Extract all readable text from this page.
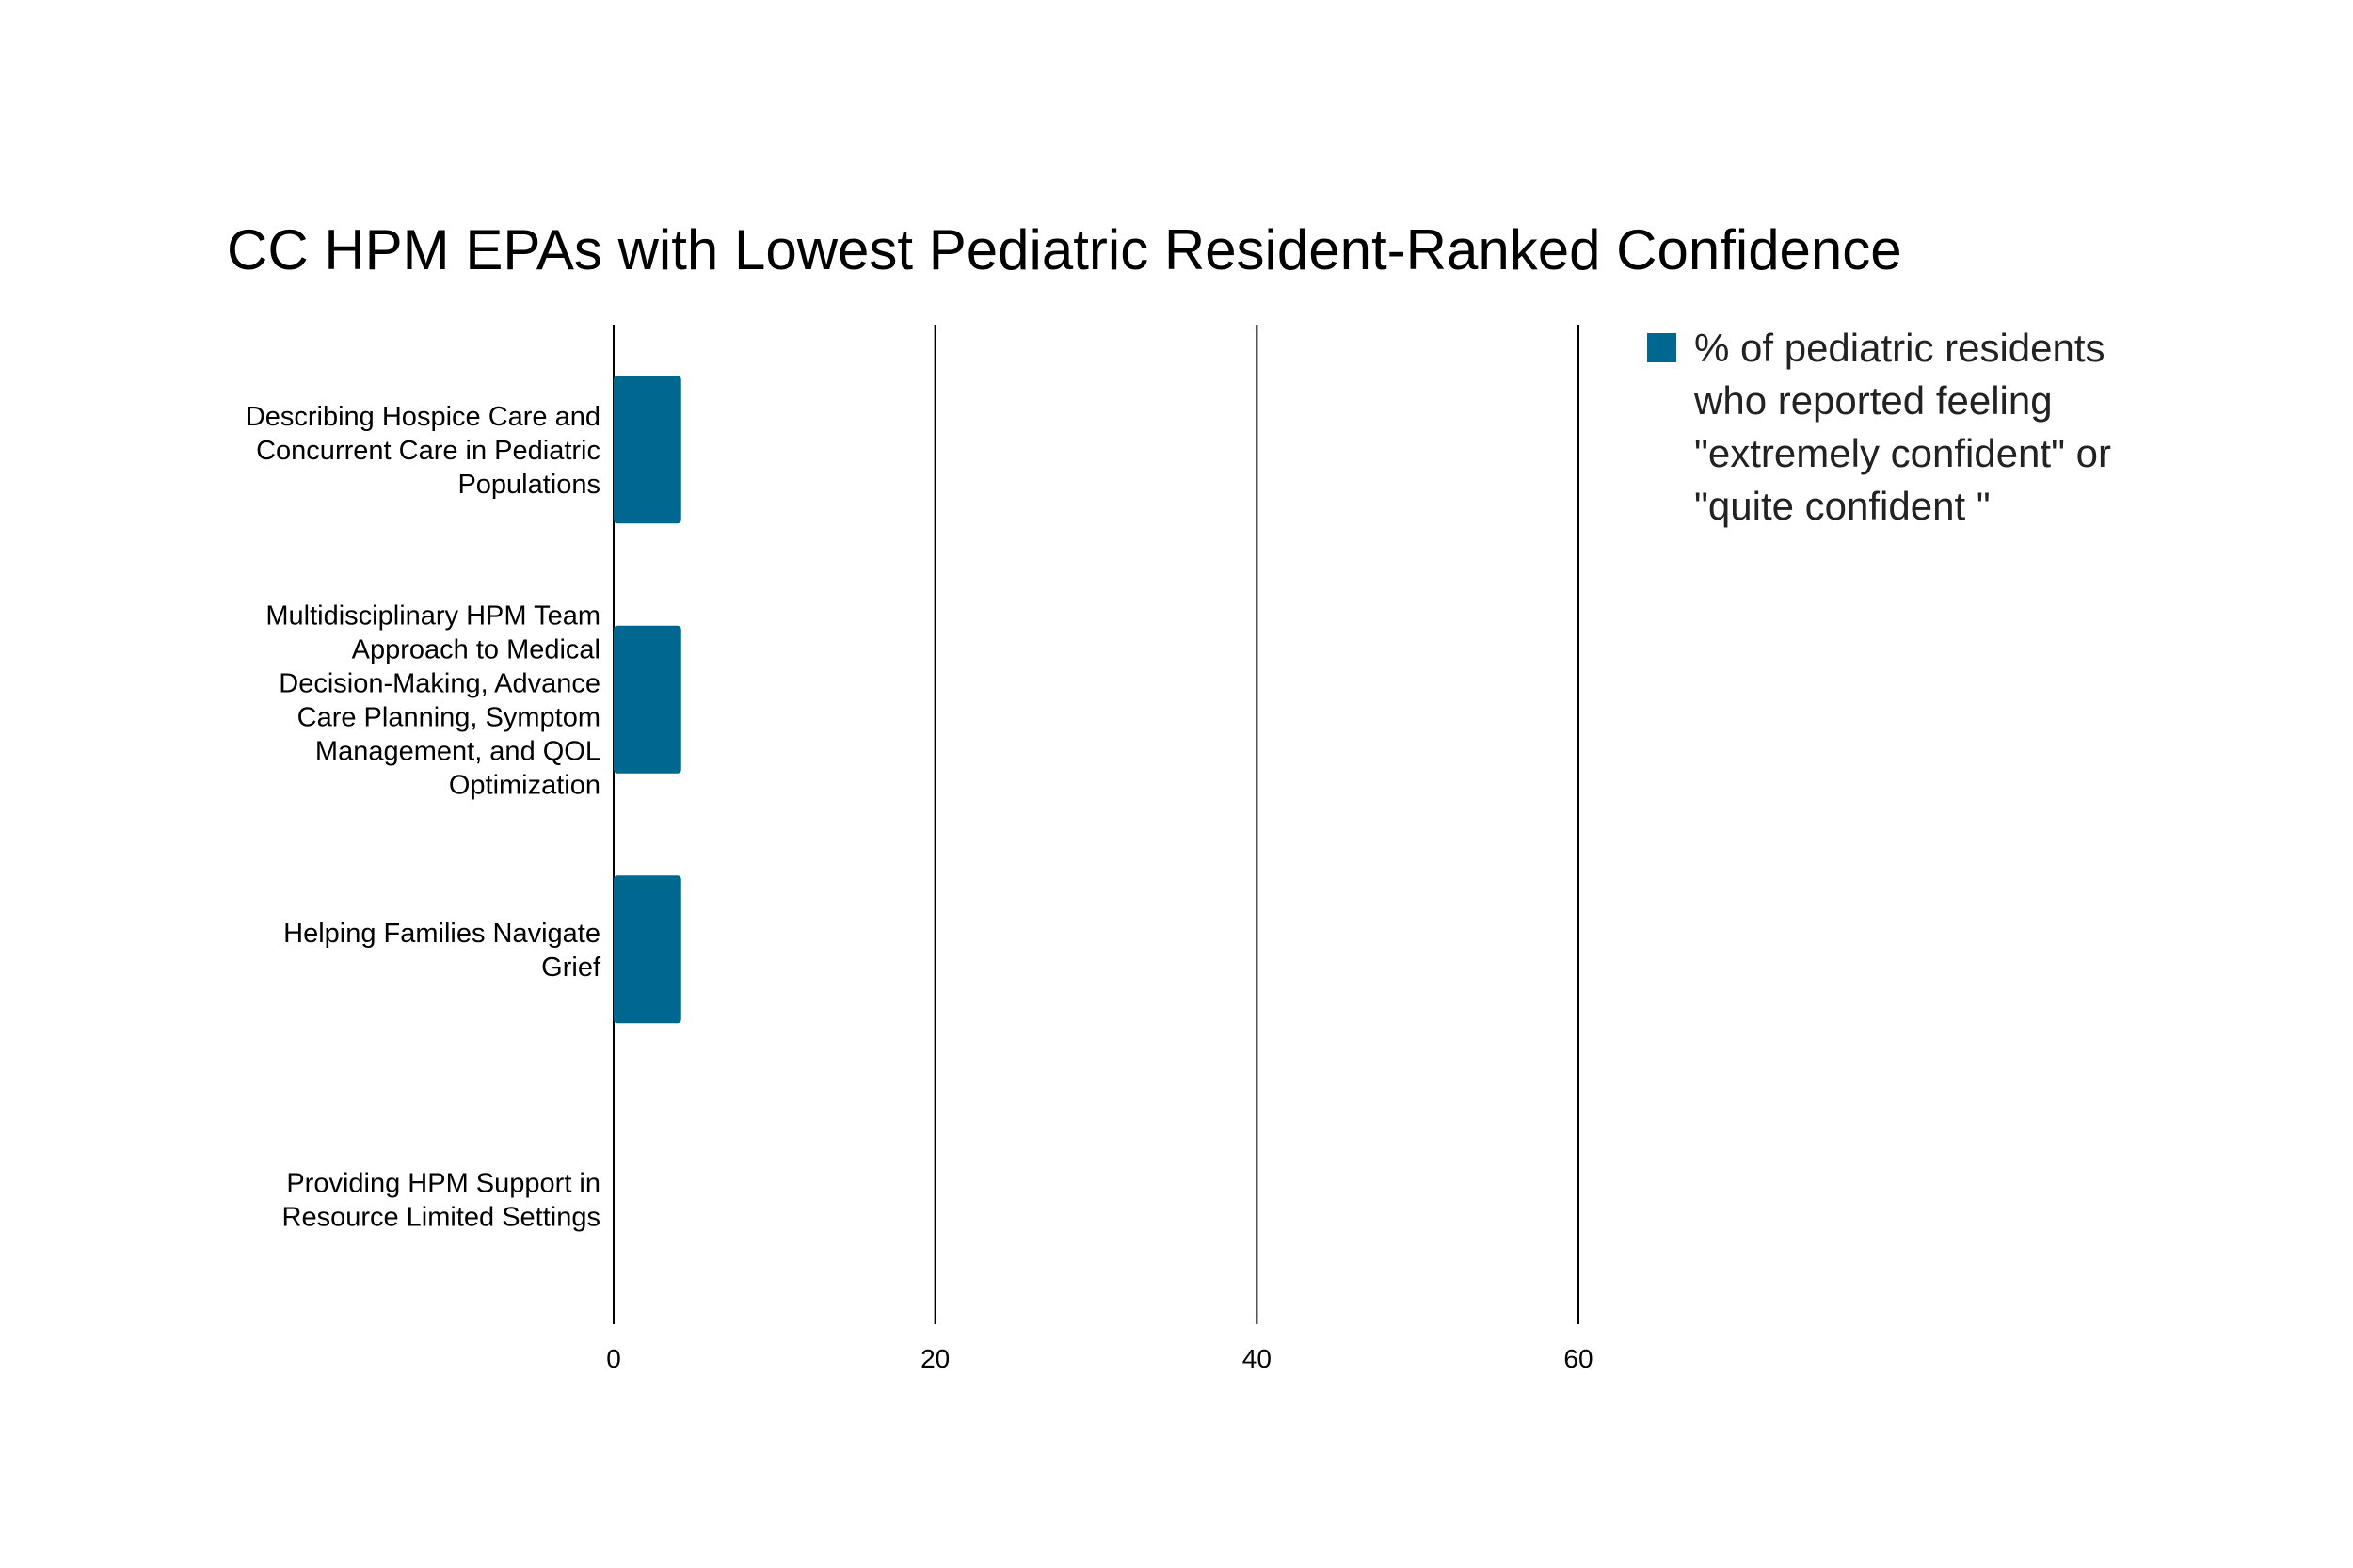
CC HPM EPAs with Lowest Pediatric Resident-Ranked Confidence
Describing Hospice Care and
Concurrent Care in Pediatric
Populations
Multidisciplinary HPM Team
Approach to Medical
Decision-Making, Advance
Care Planning, Symptom
Management, and QOL
Optimization
Helping Families Navigate
Grief
Providing HPM Support in
Resource Limited Settings
0	20	40	60
% of pediatric residents
who reported feeling
"extremely confident" or
"quite confident "
